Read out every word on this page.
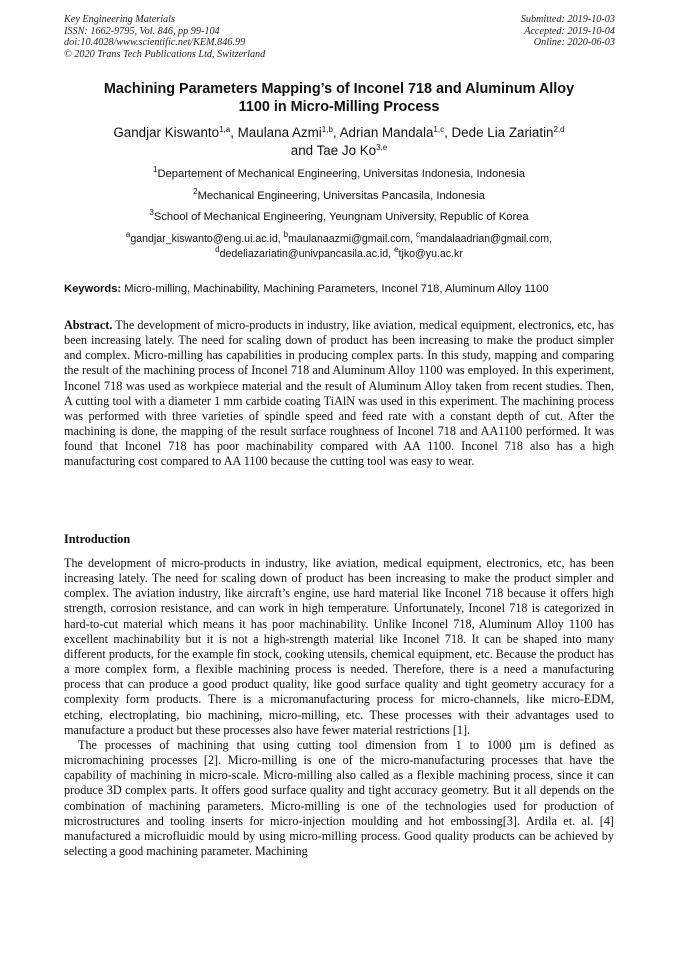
Key Engineering Materials
ISSN: 1662-9795, Vol. 846, pp 99-104
doi:10.4028/www.scientific.net/KEM.846.99
© 2020 Trans Tech Publications Ltd, Switzerland
Submitted: 2019-10-03
Accepted: 2019-10-04
Online: 2020-06-03
Machining Parameters Mapping’s of Inconel 718 and Aluminum Alloy
1100 in Micro-Milling Process
Gandjar Kiswanto$^{1,a}$, Maulana Azmi$^{1,b}$, Adrian Mandala$^{1,c}$, Dede Lia Zariatin$^{2,d}$
and Tae Jo Ko$^{3,e}$
$^1$Departement of Mechanical Engineering, Universitas Indonesia, Indonesia
$^2$Mechanical Engineering, Universitas Pancasila, Indonesia
$^3$School of Mechanical Engineering, Yeungnam University, Republic of Korea
$^a$gandjar_kiswanto@eng.ui.ac.id, $^b$maulanaazmi@gmail.com, $^c$mandalaadrian@gmail.com,
$^d$dedeliazariatin@univpancasila.ac.id, $^e$tjko@yu.ac.kr
Keywords: Micro-milling, Machinability, Machining Parameters, Inconel 718, Aluminum Alloy 1100
Abstract. The development of micro-products in industry, like aviation, medical equipment, electronics, etc, has been increasing lately. The need for scaling down of product has been increasing to make the product simpler and complex. Micro-milling has capabilities in producing complex parts. In this study, mapping and comparing the result of the machining process of Inconel 718 and Aluminum Alloy 1100 was employed. In this experiment, Inconel 718 was used as workpiece material and the result of Aluminum Alloy taken from recent studies. Then, A cutting tool with a diameter 1 mm carbide coating TiAlN was used in this experiment. The machining process was performed with three varieties of spindle speed and feed rate with a constant depth of cut. After the machining is done, the mapping of the result surface roughness of Inconel 718 and AA1100 performed. It was found that Inconel 718 has poor machinability compared with AA 1100. Inconel 718 also has a high manufacturing cost compared to AA 1100 because the cutting tool was easy to wear.
Introduction

The development of micro-products in industry, like aviation, medical equipment, electronics, etc, has been increasing lately. The need for scaling down of product has been increasing to make the product simpler and complex. The aviation industry, like aircraft’s engine, use hard material like Inconel 718 because it offers high strength, corrosion resistance, and can work in high temperature. Unfortunately, Inconel 718 is categorized in hard-to-cut material which means it has poor machinability. Unlike Inconel 718, Aluminum Alloy 1100 has excellent machinability but it is not a high-strength material like Inconel 718. It can be shaped into many different products, for the example fin stock, cooking utensils, chemical equipment, etc. Because the product has a more complex form, a flexible machining process is needed. Therefore, there is a need a manufacturing process that can produce a good product quality, like good surface quality and tight geometry accuracy for a complexity form products. There is a micromanufacturing process for micro-channels, like micro-EDM, etching, electroplating, bio machining, micro-milling, etc. These processes with their advantages used to manufacture a product but these processes also have fewer material restrictions [1].

The processes of machining that using cutting tool dimension from 1 to 1000 µm is defined as micromachining processes [2]. Micro-milling is one of the micro-manufacturing processes that have the capability of machining in micro-scale. Micro-milling also called as a flexible machining process, since it can produce 3D complex parts. It offers good surface quality and tight accuracy geometry. But it all depends on the combination of machining parameters. Micro-milling is one of the technologies used for production of microstructures and tooling inserts for micro-injection moulding and hot embossing[3]. Ardila et. al. [4] manufactured a microfluidic mould by using micro-milling process. Good quality products can be achieved by selecting a good machining parameter. Machining
